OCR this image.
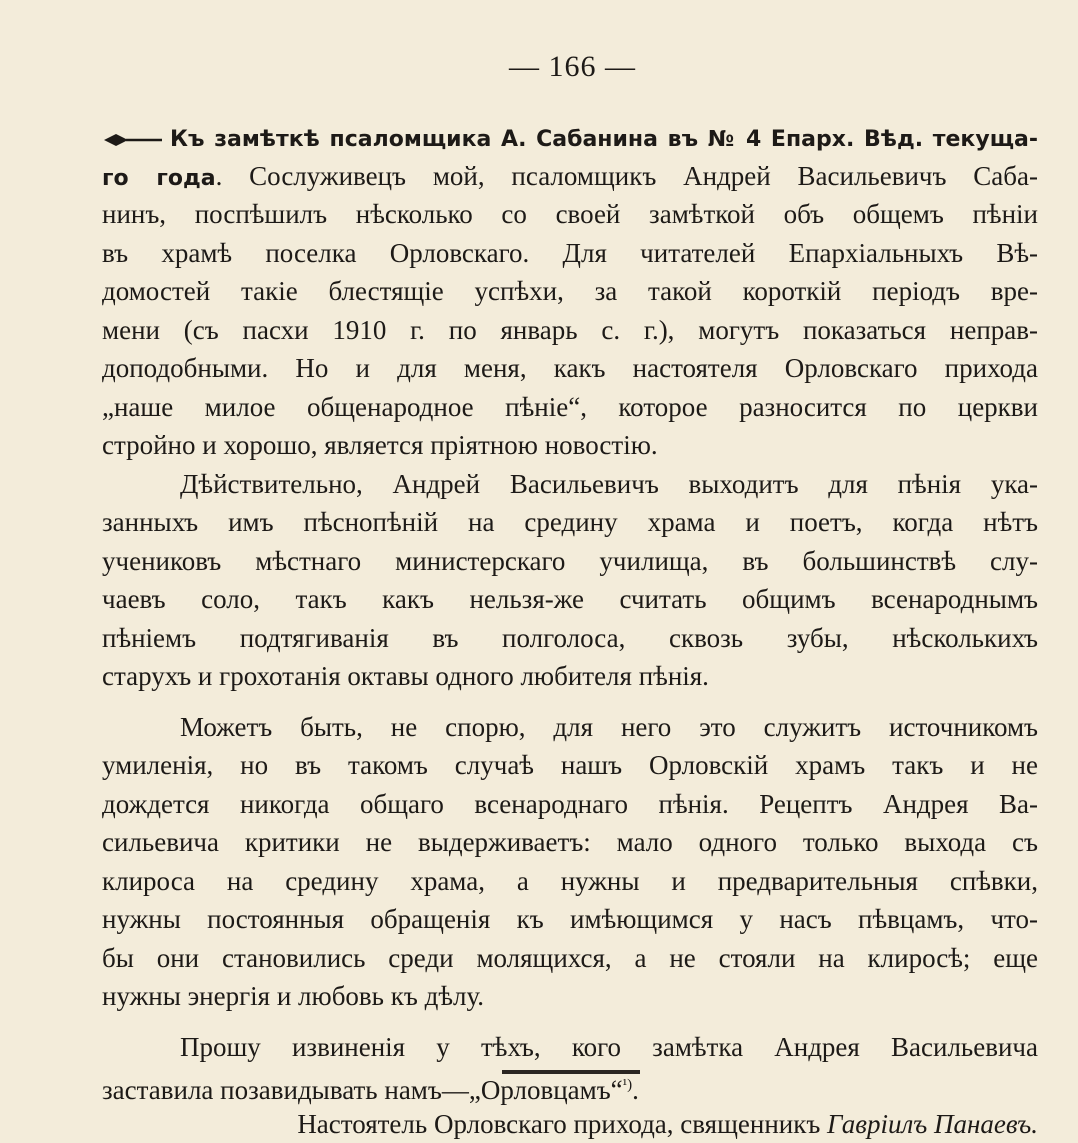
— 166 —
Къ замѣткѣ псаломщика А. Сабанина въ № 4 Епарх. Вѣд. текуща-
го года. Сослуживецъ мой, псаломщикъ Андрей Васильевичъ Саба-
нинъ, поспѣшилъ нѣсколько со своей замѣткой объ общемъ пѣніи
въ храмѣ поселка Орловскаго. Для читателей Епархіальныхъ Вѣ-
домостей такіе блестящіе успѣхи, за такой короткій періодъ вре-
мени (съ пасхи 1910 г. по январь с. г.), могутъ показаться неправ-
доподобными. Но и для меня, какъ настоятеля Орловскаго прихода
„наше милое общенародное пѣніе“, которое разносится по церкви
стройно и хорошо, является пріятною новостію.
Дѣйствительно, Андрей Васильевичъ выходитъ для пѣнія ука-
занныхъ имъ пѣснопѣній на средину храма и поетъ, когда нѣтъ
учениковъ мѣстнаго министерскаго училища, въ большинствѣ слу-
чаевъ соло, такъ какъ нельзя-же считать общимъ всенароднымъ
пѣніемъ подтягиванія въ полголоса, сквозь зубы, нѣсколькихъ
старухъ и грохотанія октавы одного любителя пѣнія.
Можетъ быть, не спорю, для него это служитъ источникомъ
умиленія, но въ такомъ случаѣ нашъ Орловскій храмъ такъ и не
дождется никогда общаго всенароднаго пѣнія. Рецептъ Андрея Ва-
сильевича критики не выдерживаетъ: мало одного только выхода съ
клироса на средину храма, а нужны и предварительныя спѣвки,
нужны постоянныя обращенія къ имѣющимся у насъ пѣвцамъ, что-
бы они становились среди молящихся, а не стояли на клиросѣ; еще
нужны энергія и любовь къ дѣлу.
Прошу извиненія у тѣхъ, кого замѣтка Андрея Васильевича
заставила позавидывать намъ—„Орловцамъ“$^{^1)}$.
Настоятель Орловскаго прихода, священникъ Гавріилъ Панаевъ.
